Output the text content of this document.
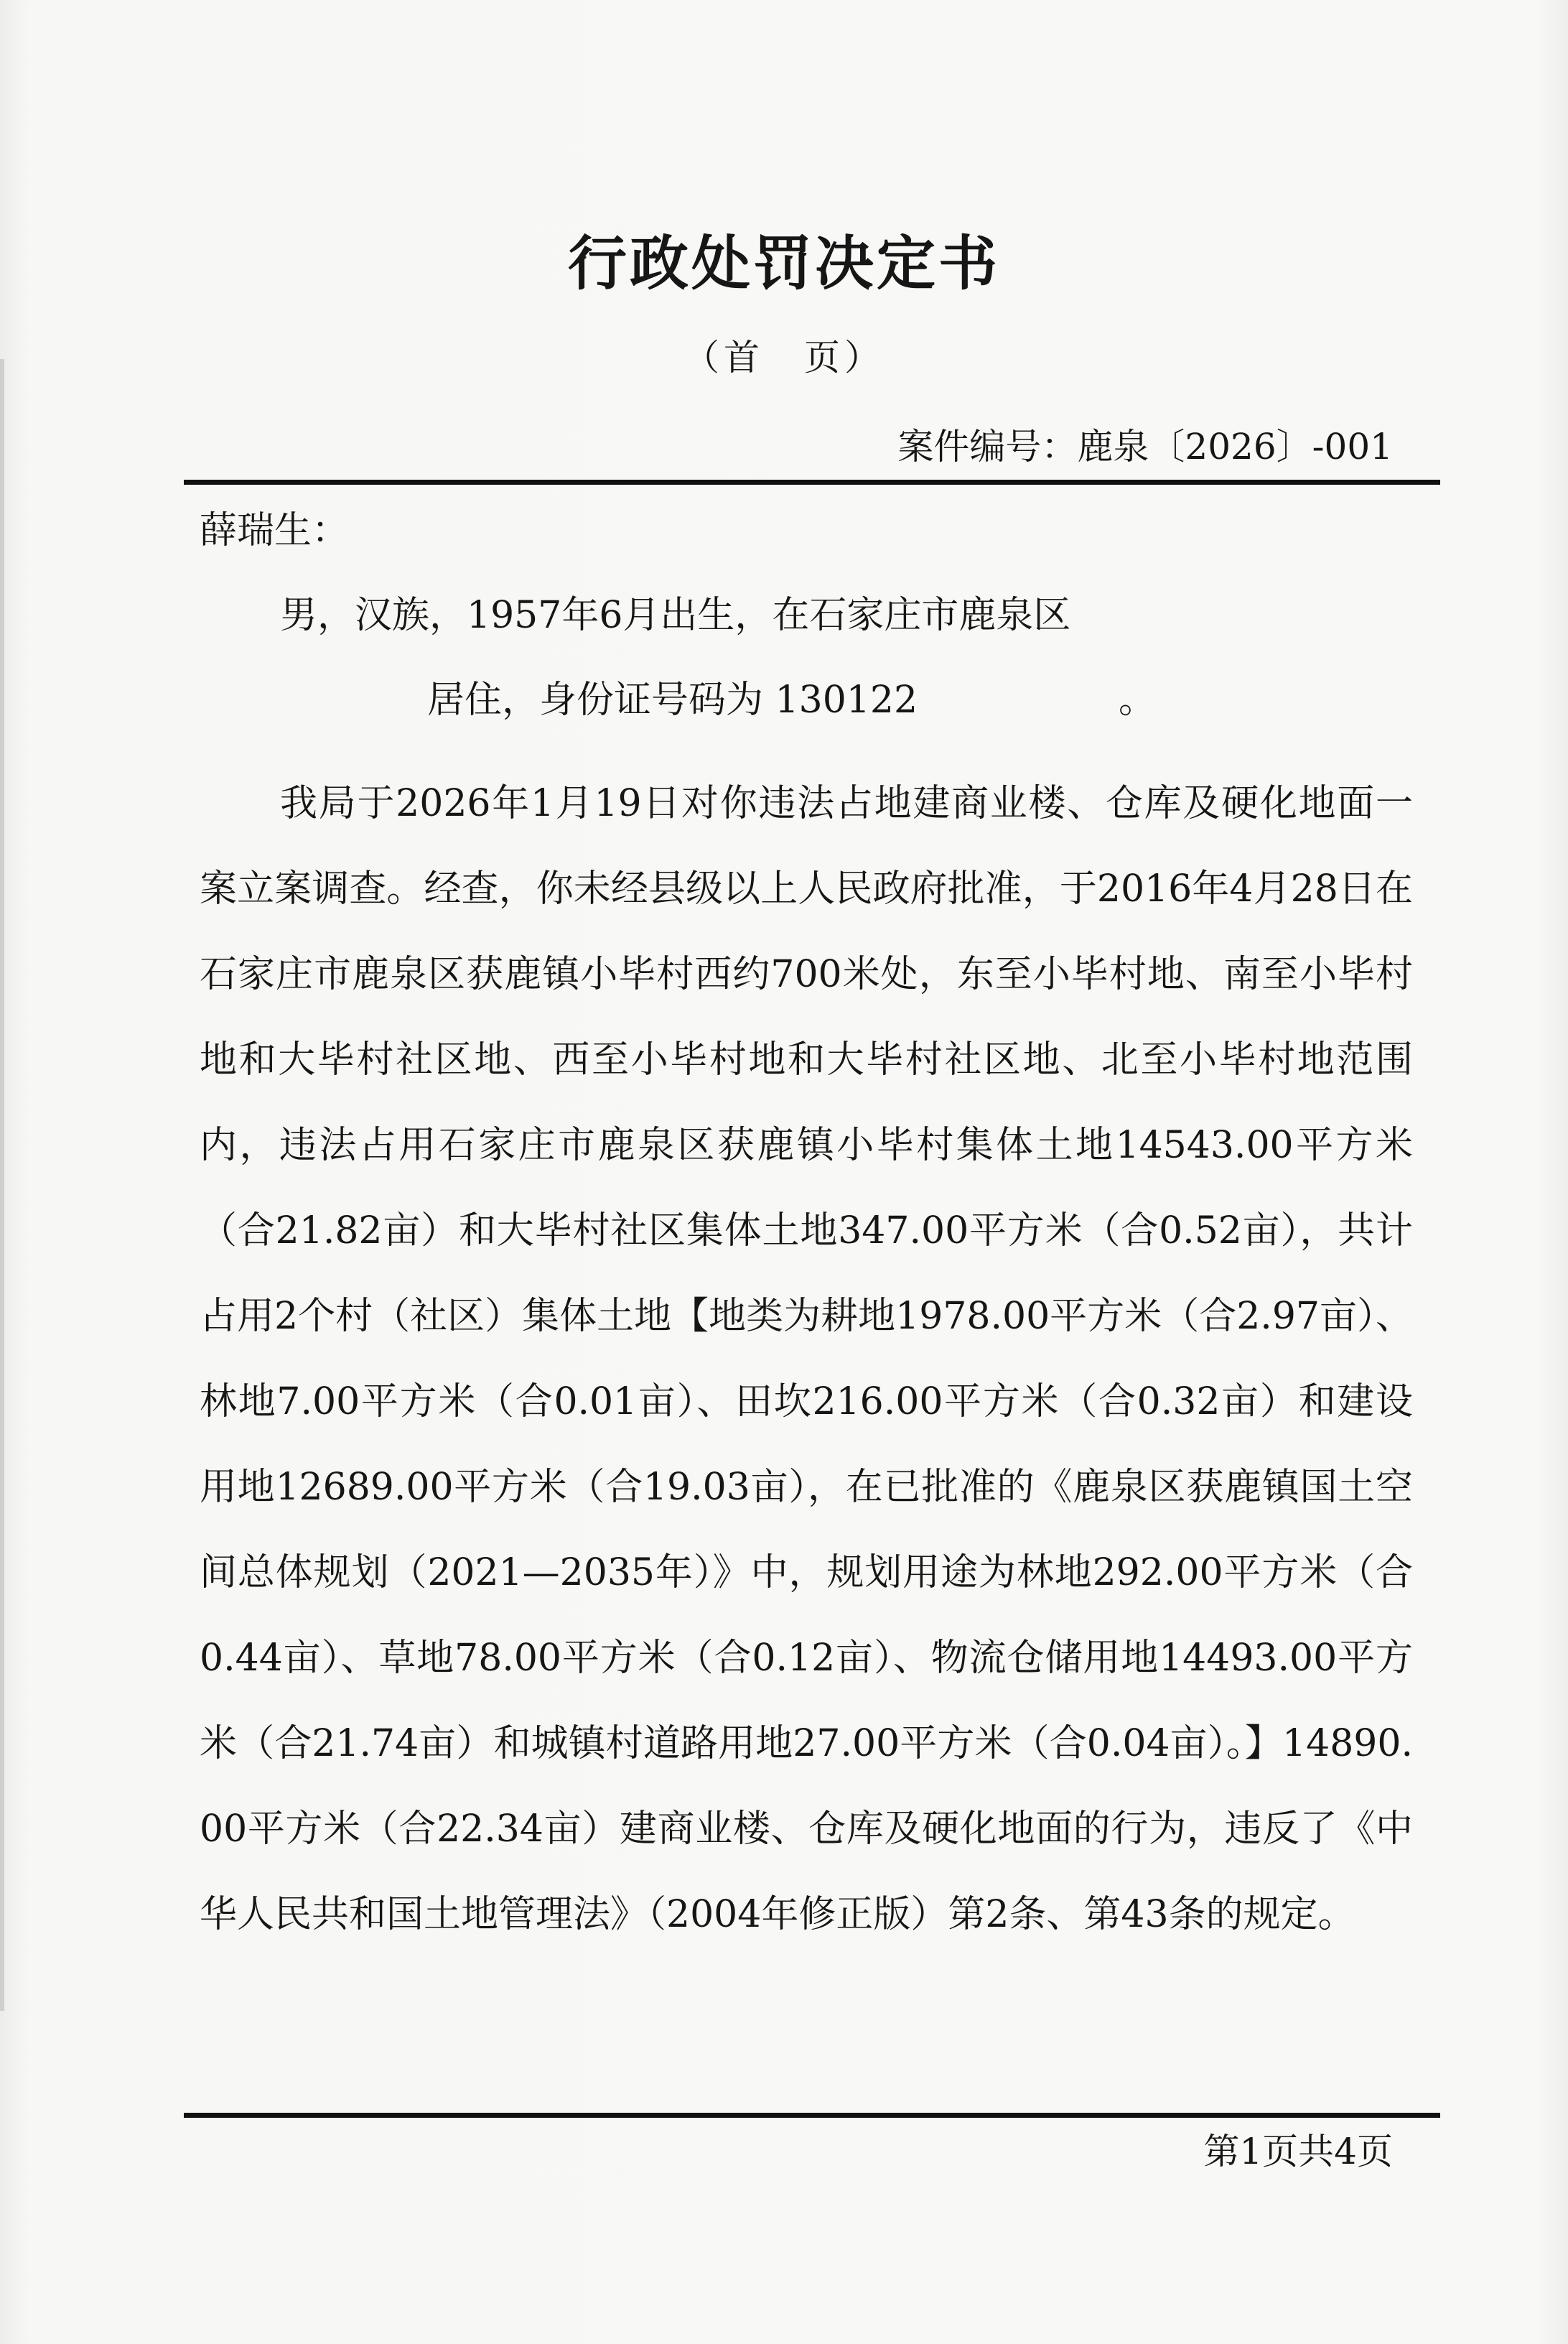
行政处罚决定书
（首　页）
案件编号：鹿泉〔2026〕-001
薛瑞生：
男，汉族，1957年6月出生，在石家庄市鹿泉区
居住，身份证号码为 130122	。
我局于2026年1月19日对你违法占地建商业楼、仓库及硬化地面一案立案调查。经查，你未经县级以上人民政府批准，于2016年4月28日在石家庄市鹿泉区获鹿镇小毕村西约700米处，东至小毕村地、南至小毕村地和大毕村社区地、西至小毕村地和大毕村社区地、北至小毕村地范围内，违法占用石家庄市鹿泉区获鹿镇小毕村集体土地14543.00平方米（合21.82亩）和大毕村社区集体土地347.00平方米（合0.52亩），共计占用2个村（社区）集体土地【地类为耕地1978.00平方米（合2.97亩）、林地7.00平方米（合0.01亩）、田坎216.00平方米（合0.32亩）和建设用地12689.00平方米（合19.03亩），在已批准的《鹿泉区获鹿镇国土空间总体规划（2021—2035年）》中，规划用途为林地292.00平方米（合0.44亩）、草地78.00平方米（合0.12亩）、物流仓储用地14493.00平方米（合21.74亩）和城镇村道路用地27.00平方米（合0.04亩）。】14890.00平方米（合22.34亩）建商业楼、仓库及硬化地面的行为，违反了《中华人民共和国土地管理法》（2004年修正版）第2条、第43条的规定。
第1页共4页
